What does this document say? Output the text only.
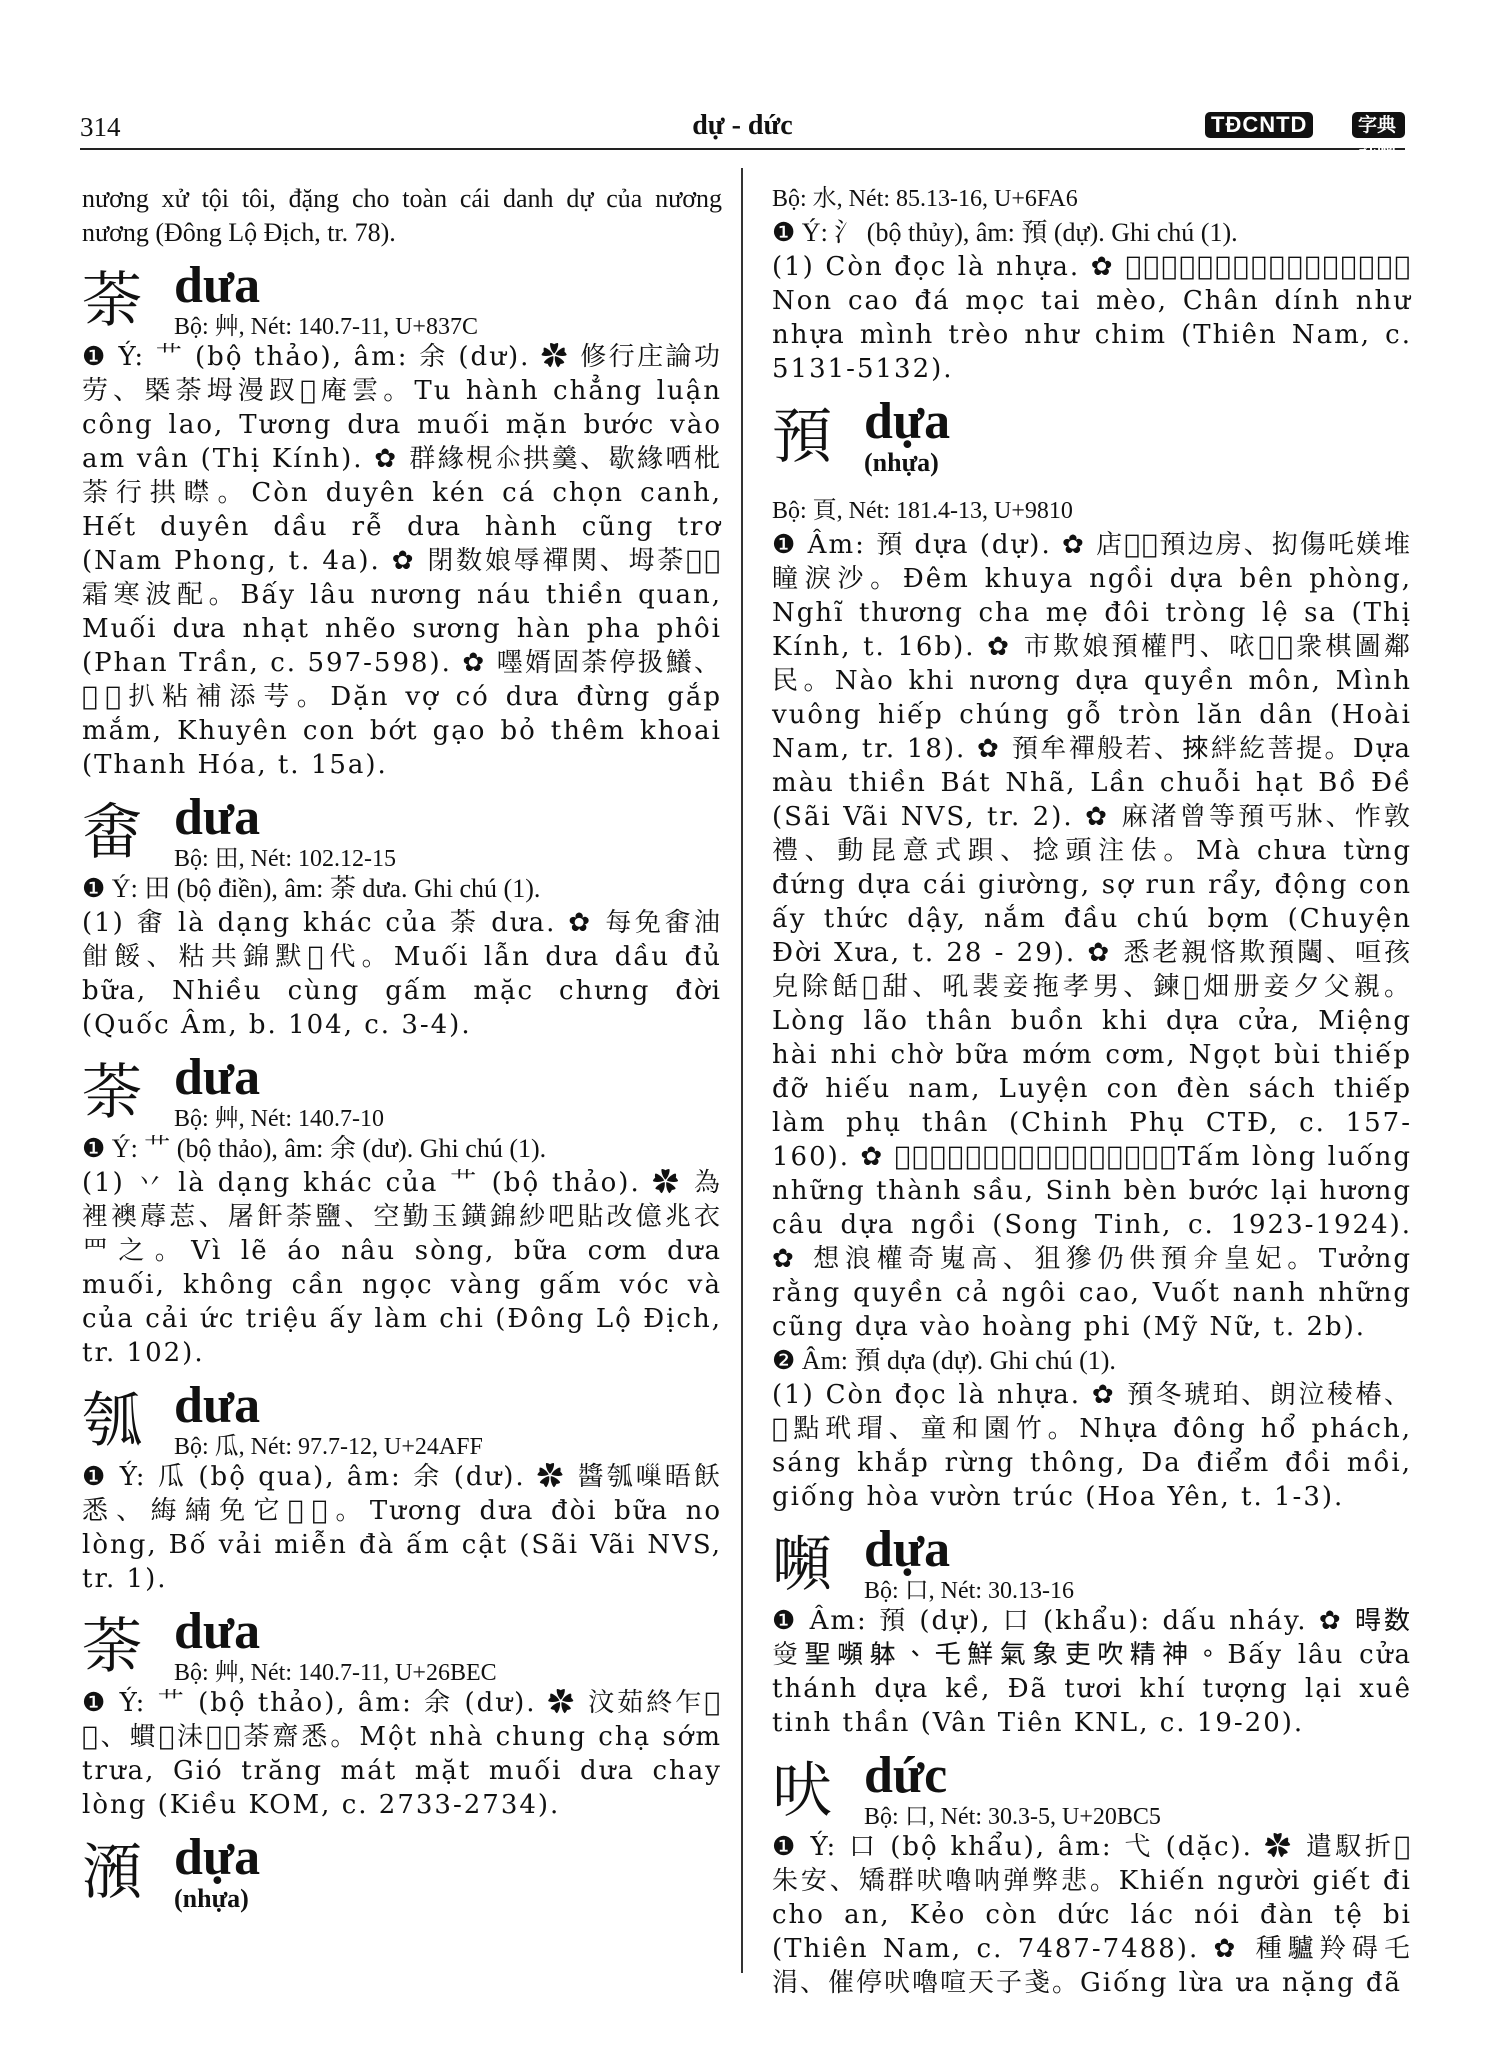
314	dự - dức	TĐCNTD	字典許喃摘引

nương xử tội tôi, đặng cho toàn cái danh dự của nương nương (Đông Lộ Địch, tr. 78).

荼 dưa
Bộ: 艸, Nét: 140.7-11, U+837C

❶ Ý: 艹 (bộ thảo), âm: 余 (dư). ✿ 修行庄論功劳、槩荼坶漫䟕𠑬庵雲。Tu hành chẳng luận công lao, Tương dưa muối mặn bước vào am vân (Thị Kính). ✿ 群緣梘𠇍拱羹、歇緣哂枇荼行拱𥋴。Còn duyên kén cá chọn canh, Hết duyên dầu rễ dưa hành cũng trơ (Nam Phong, t. 4a). ✿ 閉数娘辱禪関、坶荼𣻆𣌉霜寒波配。Bấy lâu nương náu thiền quan, Muối dưa nhạt nhẽo sương hàn pha phôi (Phan Trần, c. 597-598). ✿ 嚜婿固荼停扱鱶、𠽉𡥵扒粘補添芌。Dặn vợ có dưa đừng gắp mắm, Khuyên con bớt gạo bỏ thêm khoai (Thanh Hóa, t. 15a).

畬 dưa
Bộ: 田, Nét: 102.12-15

❶ Ý: 田 (bộ điền), âm: 荼 dưa. Ghi chú (1).

(1) 畬 là dạng khác của 荼 dưa. ✿ 每免畬油𩚵餒、䊀共錦默𫼻代。Muối lẫn dưa dầu đủ bữa, Nhiều cùng gấm mặc chưng đời (Quốc Âm, b. 104, c. 3-4).

荼 dưa
Bộ: 艸, Nét: 140.7-10

❶ Ý: 艹 (bộ thảo), âm: 余 (dư). Ghi chú (1).

(1) 丷 là dạng khác của 艹 (bộ thảo). ✿ 為裡襖蓐莣、屠飦荼鹽、空勤玉鐄錦紗吧貼改億兆衣罒之。Vì lẽ áo nâu sòng, bữa cơm dưa muối, không cần ngọc vàng gấm vóc và của cải ức triệu ấy làm chi (Đông Lộ Địch, tr. 102).

瓠 dưa
Bộ: 瓜, Nét: 97.7-12, U+24AFF

❶ Ý: 瓜 (bộ qua), âm: 余 (dư). ✿ 醬瓠𠻥晤飫悉、䋦䋻免它𤍶𦛌。Tương dưa đòi bữa no lòng, Bố vải miễn đà ấm cật (Sãi Vãi NVS, tr. 1).

荼 dưa
Bộ: 艸, Nét: 140.7-11, U+26BEC

❶ Ý: 艹 (bộ thảo), âm: 余 (dư). ✿ 汶茹終乍𣊾𣋂、䗰𦛌沬𢬭𪉽荼齋悉。Một nhà chung chạ sớm trưa, Gió trăng mát mặt muối dưa chay lòng (Kiều KOM, c. 2733-2734).

澦 dựa
(nhựa)

Bộ: 水, Nét: 85.13-16, U+6FA6

❶ Ý: 氵 (bộ thủy), âm: 預 (dự). Ghi chú (1).

(1) Còn đọc là nhựa. ✿ 𡶀高硋木聏猫、真𩔍如澦𡗅𨆝如𪃿。Non cao đá mọc tai mèo, Chân dính như nhựa mình trèo như chim (Thiên Nam, c. 5131-5132).

預 dựa
(nhựa)

Bộ: 頁, Nét: 181.4-13, U+9810

❶ Âm: 預 dựa (dự). ✿ 店𣋚𡎢預边房、抝傷吒媄堆瞳淚沙。Đêm khuya ngồi dựa bên phòng, Nghĩ thương cha mẹ đôi tròng lệ sa (Thị Kính, t. 16b). ✿ 市欺娘預權門、𠲖𦹳𦝄衆棋圖鄰民。Nào khi nương dựa quyền môn, Mình vuông hiếp chúng gỗ tròn lăn dân (Hoài Nam, tr. 18). ✿ 預牟禪般若、𢯦絆紇菩提。Dựa màu thiền Bát Nhã, Lần chuỗi hạt Bồ Đề (Sãi Vãi NVS, tr. 2). ✿ 麻渚曾等預丐牀、怍敦禮、動昆意式䟺、捻頭注佉。Mà chưa từng đứng dựa cái giường, sợ run rẩy, động con ấy thức dậy, nắm đầu chú bợm (Chuyện Đời Xưa, t. 28 - 29). ✿ 悉老親悋欺預闧、咺孩皃除餂𠽉甜、吼裴妾拖孝男、鍊𡥵畑册妾夕父親。Lòng lão thân buồn khi dựa cửa, Miệng hài nhi chờ bữa mớm cơm, Ngọt bùi thiếp đỡ hiếu nam, Luyện con đèn sách thiếp làm phụ thân (Chinh Phụ CTĐ, c. 157-160). ✿ 𢚸悉𩗂仍城愁、生卞跬吏香鈎預坐。Tấm lòng luống những thành sầu, Sinh bèn bước lại hương câu dựa ngồi (Song Tinh, c. 1923-1924). ✿ 想浪權奇嵬高、狙㺑仍供預𠇋皇妃。Tưởng rằng quyền cả ngôi cao, Vuốt nanh những cũng dựa vào hoàng phi (Mỹ Nữ, t. 2b).

❷ Âm: 預 dựa (dự). Ghi chú (1).

(1) Còn đọc là nhựa. ✿ 預冬琥珀、朗泣稜椿、𦠘點玳瑁、童和園竹。Nhựa đông hổ phách, sáng khắp rừng thông, Da điểm đồi mồi, giống hòa vườn trúc (Hoa Yên, t. 1-3).

嚬 dựa
Bộ: 口, Nét: 30.13-16

❶ Âm: 預 (dự), 口 (khẩu): dấu nháy. ✿ 𣈜数𤈬聖嚬躰、乇鮮氣象吏吹精神。Bấy lâu cửa thánh dựa kề, Đã tươi khí tượng lại xuê tinh thần (Vân Tiên KNL, c. 19-20).

吠 dức
Bộ: 口, Nét: 30.3-5, U+20BC5

❶ Ý: 口 (bộ khẩu), âm: 弋 (dặc). ✿ 遣馭折𢬣朱安、矯群吠嚕呐弹弊悲。Khiến người giết đi cho an, Kẻo còn dức lác nói đàn tệ bi (Thiên Nam, c. 7487-7488). ✿ 種驢羚碍乇涓、催停吠嚕喧天子戔。Giống lừa ưa nặng đã
